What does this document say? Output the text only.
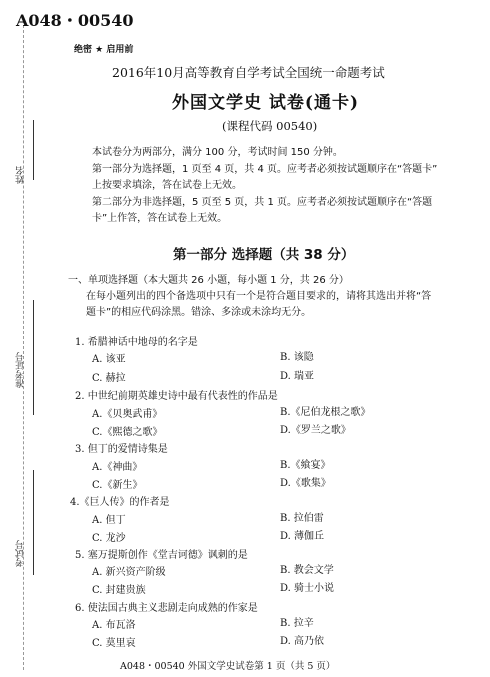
姓名
准考证号
考试号
A048・00540
绝密 ★ 启用前
2016年10月高等教育自学考试全国统一命题考试
外国文学史 试卷(通卡)
(课程代码 00540)
本试卷分为两部分，满分 100 分，考试时间 150 分钟。
第一部分为选择题，1 页至 4 页，共 4 页。应考者必须按试题顺序在“答题卡”
上按要求填涂，答在试卷上无效。
第二部分为非选择题，5 页至 5 页，共 1 页。应考者必须按试题顺序在“答题
卡”上作答，答在试卷上无效。
第一部分 选择题（共 38 分）
一、单项选择题（本大题共 26 小题，每小题 1 分，共 26 分）
在每小题列出的四个备选项中只有一个是符合题目要求的，请将其选出并将“答
题卡”的相应代码涂黑。错涂、多涂或未涂均无分。
1. 希腊神话中地母的名字是
A. 该亚	B. 该隐
C. 赫拉	D. 瑞亚
2. 中世纪前期英雄史诗中最有代表性的作品是
A.《贝奥武甫》	B.《尼伯龙根之歌》
C.《熙德之歌》	D.《罗兰之歌》
3. 但丁的爱情诗集是
A.《神曲》	B.《飨宴》
C.《新生》	D.《歌集》
4.《巨人传》的作者是
A. 但丁	B. 拉伯雷
C. 龙沙	D. 薄伽丘
5. 塞万提斯创作《堂吉诃德》讽刺的是
A. 新兴资产阶级	B. 教会文学
C. 封建贵族	D. 骑士小说
6. 使法国古典主义悲剧走向成熟的作家是
A. 布瓦洛	B. 拉辛
C. 莫里哀	D. 高乃依
A048・00540 外国文学史试卷第 1 页（共 5 页）
